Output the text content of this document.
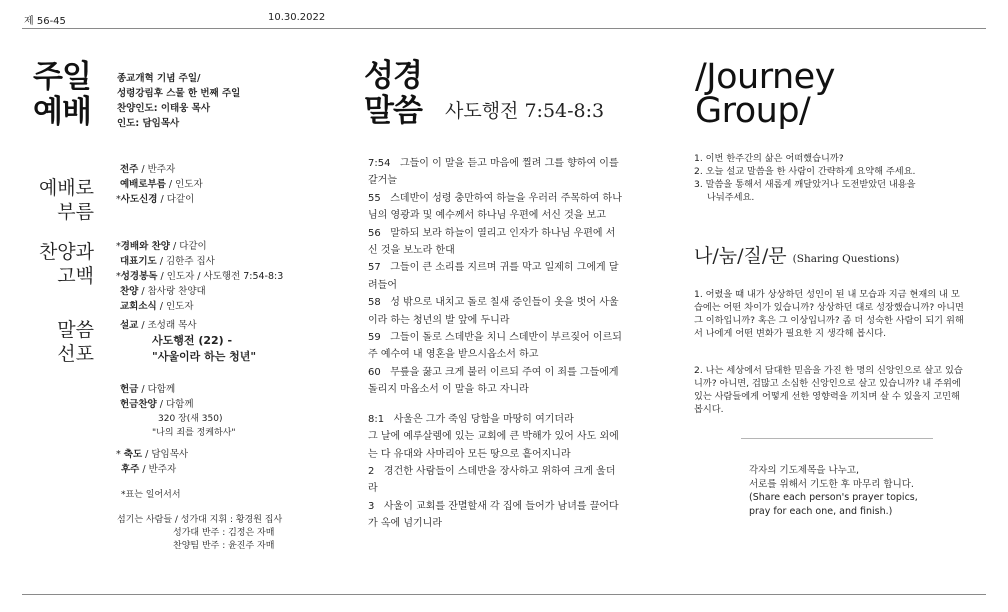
제 56-45	10.30.2022
주일
예배
종교개혁 기념 주일/
성령강림후 스물 한 번째 주일
찬양인도: 이태웅 목사
인도: 담임목사
예배로
부름
전주 / 반주자
예배로부름 / 인도자
*사도신경 / 다같이
찬양과
고백
*경배와 찬양 / 다같이
대표기도 / 김한주 집사
*성경봉독 / 인도자 / 사도행전 7:54-8:3
찬양 / 참사랑 찬양대
교회소식 / 인도자
말씀
선포
설교 / 조성래 목사
사도행전 (22) -
"사울이라 하는 청년"
헌금 / 다함께
헌금찬양 / 다함께
320 장(새 350)
"나의 죄를 정케하사"
* 축도 / 담임목사
후주 / 반주자
*표는 일어서서
섬기는 사람들 / 성가대 지휘 : 황경원 집사
성가대 반주 : 김정은 자매
찬양팀 반주 : 윤진주 자매
성경
말씀 사도행전 7:54-8:3
7:54   그들이 이 말을 듣고 마음에 찔려 그를 향하여 이를
갈거늘
55   스데반이 성령 충만하여 하늘을 우러러 주목하여 하나
님의 영광과 및 예수께서 하나님 우편에 서신 것을 보고
56   말하되 보라 하늘이 열리고 인자가 하나님 우편에 서
신 것을 보노라 한대
57   그들이 큰 소리를 지르며 귀를 막고 일제히 그에게 달
려들어
58   성 밖으로 내치고 돌로 칠새 증인들이 옷을 벗어 사울
이라 하는 청년의 발 앞에 두니라
59   그들이 돌로 스데반을 치니 스데반이 부르짖어 이르되
주 예수여 내 영혼을 받으시옵소서 하고
60   무릎을 꿇고 크게 불러 이르되 주여 이 죄를 그들에게
돌리지 마옵소서 이 말을 하고 자니라
8:1   사울은 그가 죽임 당함을 마땅히 여기더라
그 날에 예루살렘에 있는 교회에 큰 박해가 있어 사도 외에
는 다 유대와 사마리아 모든 땅으로 흩어지니라
2   경건한 사람들이 스데반을 장사하고 위하여 크게 울더
라
3   사울이 교회를 잔멸할새 각 집에 들어가 남녀를 끌어다
가 옥에 넘기니라
/Journey
Group/
1. 이번 한주간의 삶은 어떠했습니까?
2. 오늘 설교 말씀을 한 사람이 간략하게 요약해 주세요.
3. 말씀을 통해서 새롭게 깨달았거나 도전받았던 내용을
나눠주세요.
나/눔/질/문 (Sharing Questions)
1. 어렸을 때 내가 상상하던 성인이 된 내 모습과 지금 현재의 내 모습에는 어떤 차이가 있습니까? 상상하던 대로 성장했습니까? 아니면 그 이하입니까? 혹은 그 이상입니까? 좀 더 성숙한 사람이 되기 위해서 나에게 어떤 변화가 필요한 지 생각해 봅시다.
2. 나는 세상에서 담대한 믿음을 가진 한 명의 신앙인으로 살고 있습니까? 아니면, 겁많고 소심한 신앙인으로 살고 있습니까? 내 주위에 있는 사람들에게 어떻게 선한 영향력을 끼치며 살 수 있을지 고민해 봅시다.
각자의 기도제목을 나누고,
서로를 위해서 기도한 후 마무리 합니다.
(Share each person's prayer topics,
pray for each one, and finish.)
